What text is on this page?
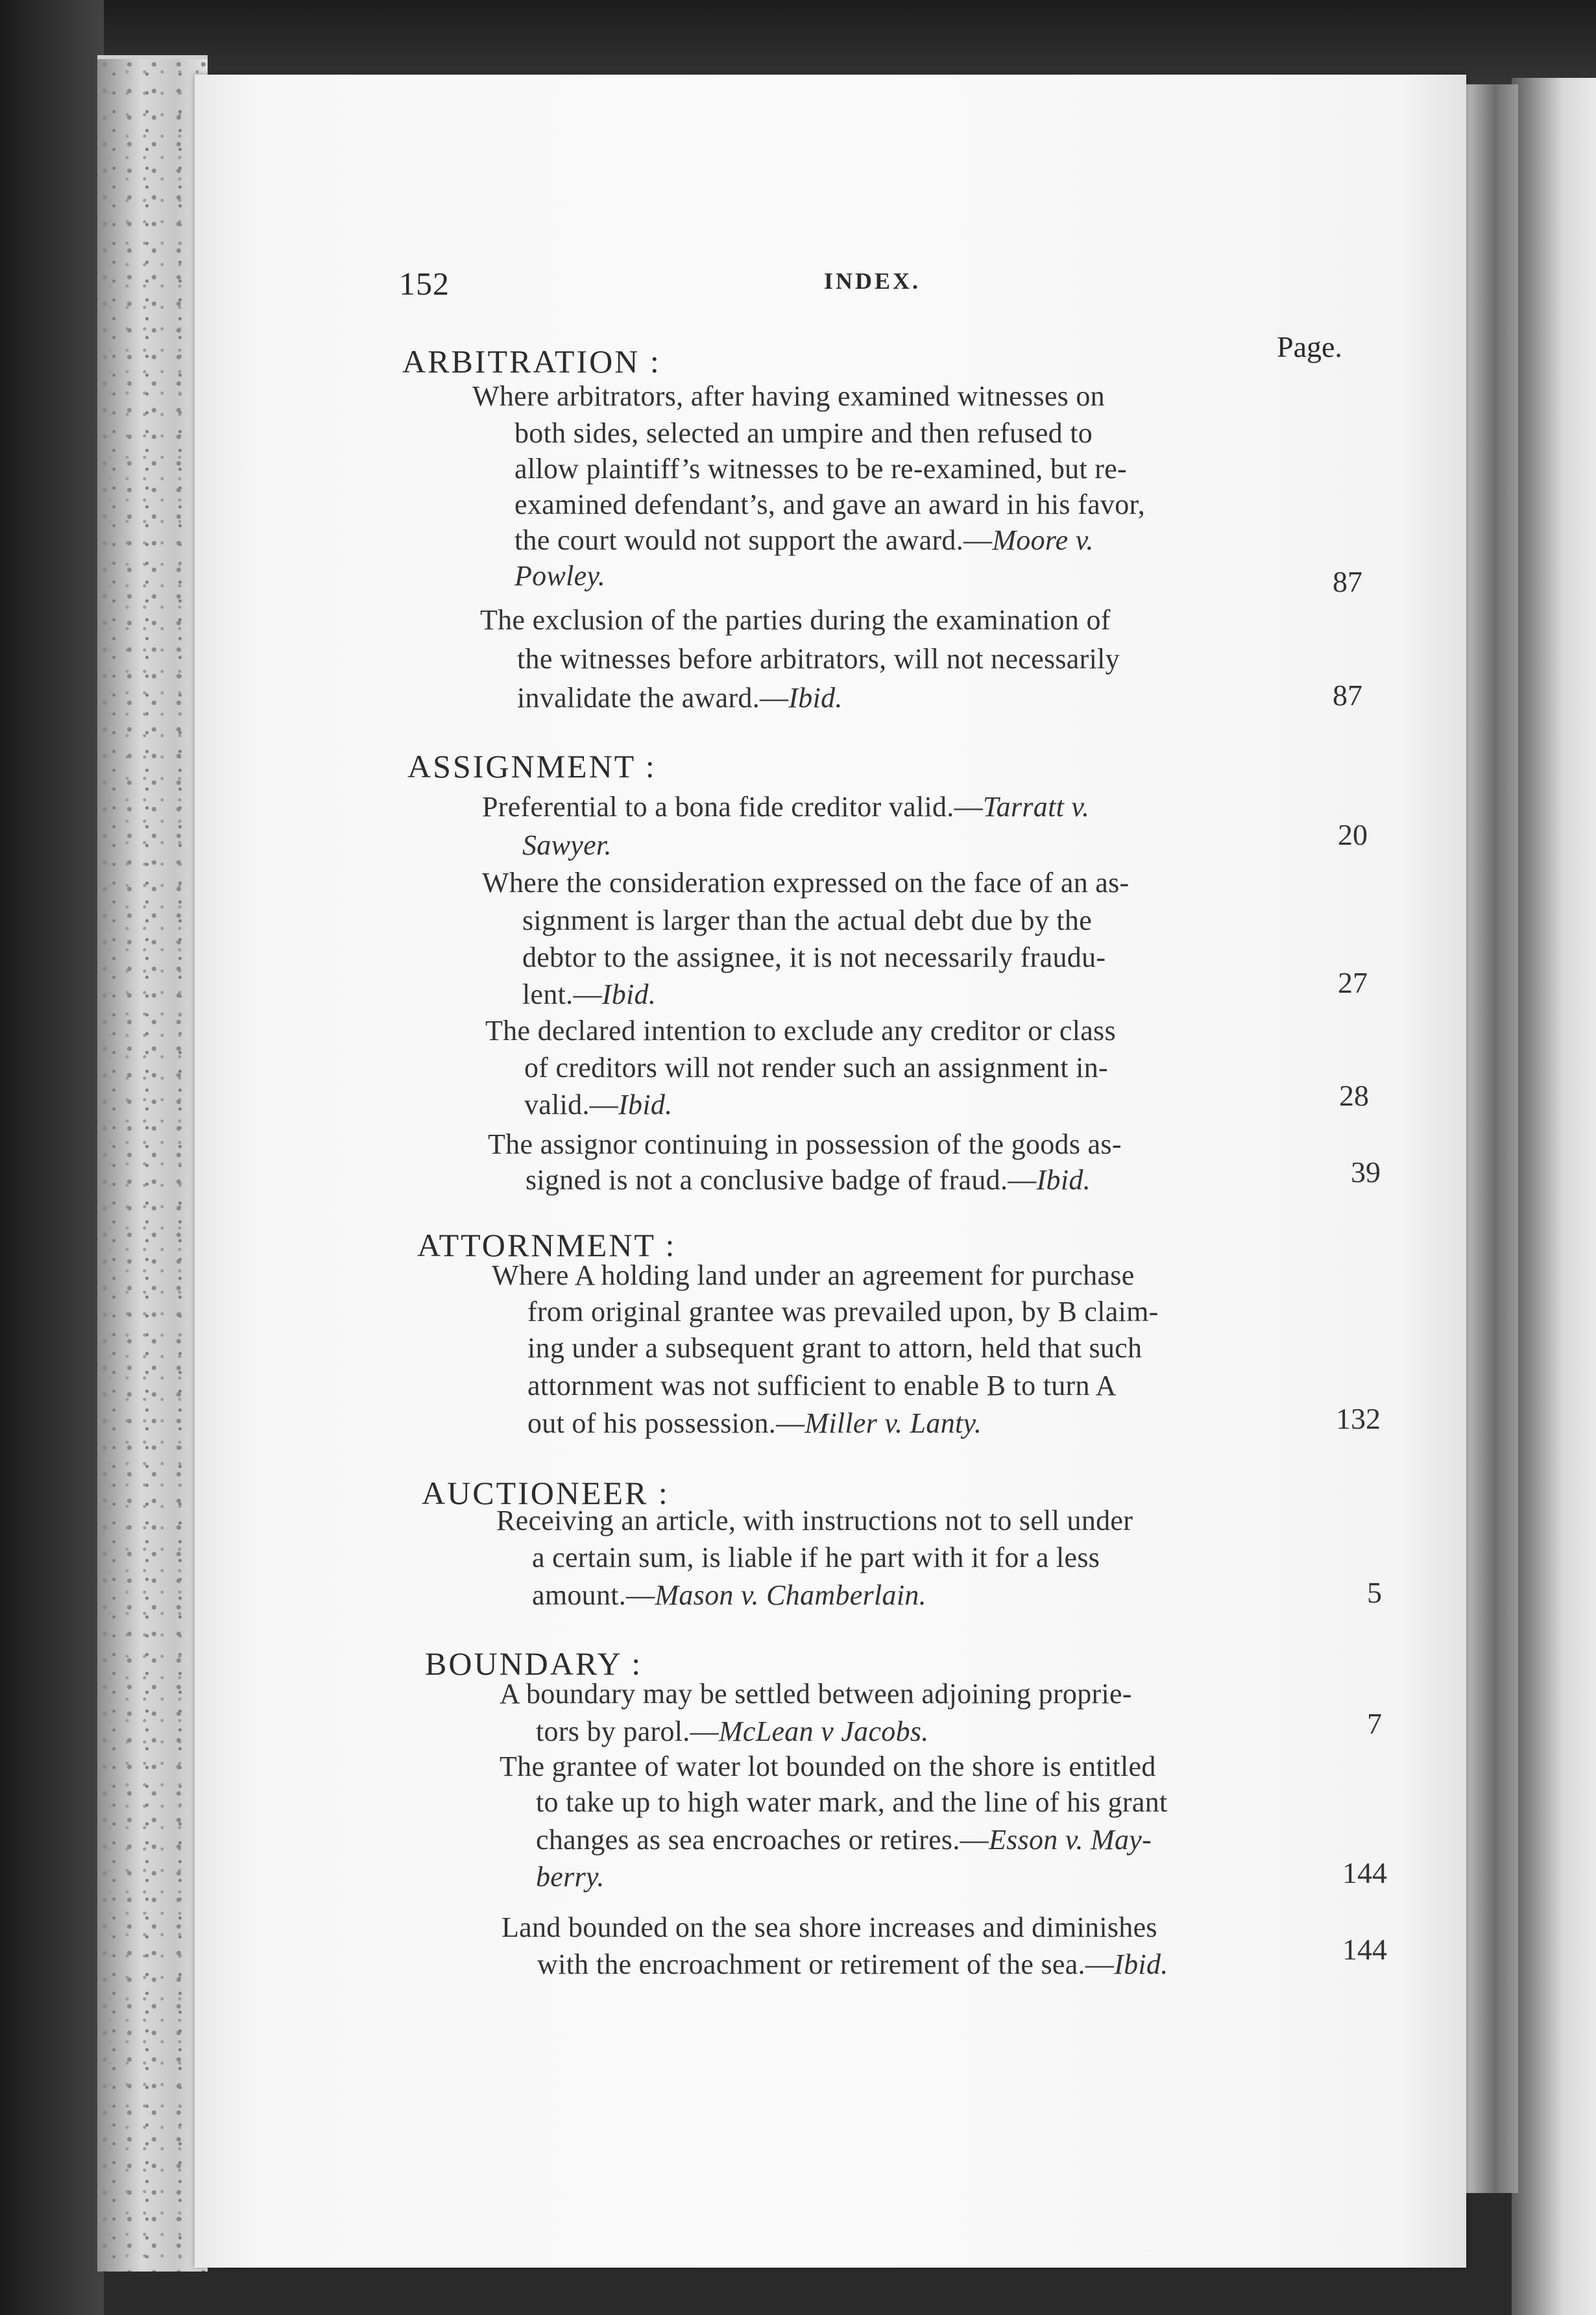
152	INDEX.
Page.
ARBITRATION :
Where arbitrators, after having examined witnesses on
both sides, selected an umpire and then refused to
allow plaintiff’s witnesses to be re-examined, but re-
examined defendant’s, and gave an award in his favor,
the court would not support the award.—Moore v.
Powley.	87
The exclusion of the parties during the examination of
the witnesses before arbitrators, will not necessarily
invalidate the award.—Ibid.	87
ASSIGNMENT :
Preferential to a bona fide creditor valid.—Tarratt v.
Sawyer.	20
Where the consideration expressed on the face of an as-
signment is larger than the actual debt due by the
debtor to the assignee, it is not necessarily fraudu-
lent.—Ibid.	27
The declared intention to exclude any creditor or class
of creditors will not render such an assignment in-
valid.—Ibid.	28
The assignor continuing in possession of the goods as-
signed is not a conclusive badge of fraud.—Ibid.	39
ATTORNMENT :
Where A holding land under an agreement for purchase
from original grantee was prevailed upon, by B claim-
ing under a subsequent grant to attorn, held that such
attornment was not sufficient to enable B to turn A
out of his possession.—Miller v. Lanty.	132
AUCTIONEER :
Receiving an article, with instructions not to sell under
a certain sum, is liable if he part with it for a less
amount.—Mason v. Chamberlain.	5
BOUNDARY :
A boundary may be settled between adjoining proprie-
tors by parol.—McLean v Jacobs.	7
The grantee of water lot bounded on the shore is entitled
to take up to high water mark, and the line of his grant
changes as sea encroaches or retires.—Esson v. May-
berry.	144
Land bounded on the sea shore increases and diminishes
with the encroachment or retirement of the sea.—Ibid.	144
